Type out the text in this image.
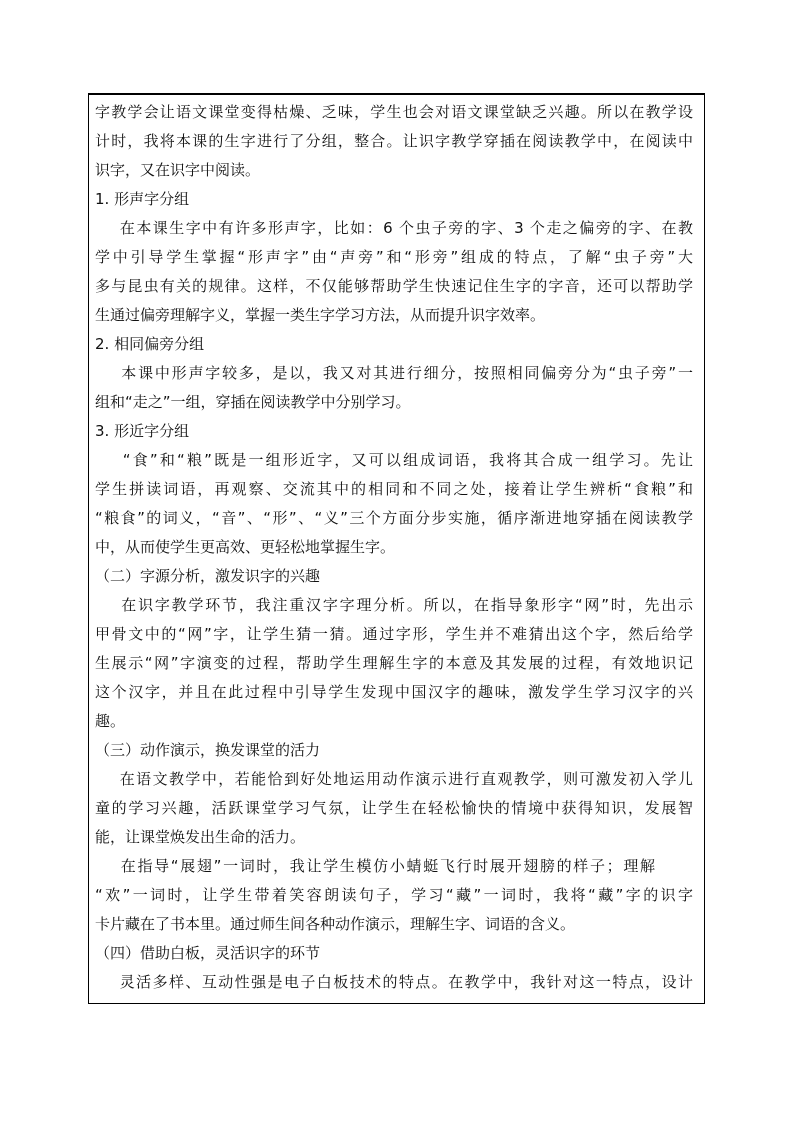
字教学会让语文课堂变得枯燥、乏味，学生也会对语文课堂缺乏兴趣。所以在教学设
计时，我将本课的生字进行了分组，整合。让识字教学穿插在阅读教学中，在阅读中
识字，又在识字中阅读。
1. 形声字分组
在本课生字中有许多形声字，比如：6 个虫子旁的字、3 个走之偏旁的字、在教
学中引导学生掌握“形声字”由“声旁”和“形旁”组成的特点，了解“虫子旁”大
多与昆虫有关的规律。这样，不仅能够帮助学生快速记住生字的字音，还可以帮助学
生通过偏旁理解字义，掌握一类生字学习方法，从而提升识字效率。
2. 相同偏旁分组
本课中形声字较多，是以，我又对其进行细分，按照相同偏旁分为“虫子旁”一
组和“走之”一组，穿插在阅读教学中分别学习。
3. 形近字分组
“食”和“粮”既是一组形近字，又可以组成词语，我将其合成一组学习。先让
学生拼读词语，再观察、交流其中的相同和不同之处，接着让学生辨析“食粮”和
“粮食”的词义，“音”、“形”、“义”三个方面分步实施，循序渐进地穿插在阅读教学
中，从而使学生更高效、更轻松地掌握生字。
（二）字源分析，激发识字的兴趣
在识字教学环节，我注重汉字字理分析。所以，在指导象形字“网”时，先出示
甲骨文中的“网”字，让学生猜一猜。通过字形，学生并不难猜出这个字，然后给学
生展示“网”字演变的过程，帮助学生理解生字的本意及其发展的过程，有效地识记
这个汉字，并且在此过程中引导学生发现中国汉字的趣味，激发学生学习汉字的兴
趣。
（三）动作演示，换发课堂的活力
在语文教学中，若能恰到好处地运用动作演示进行直观教学，则可激发初入学儿
童的学习兴趣，活跃课堂学习气氛，让学生在轻松愉快的情境中获得知识，发展智
能，让课堂焕发出生命的活力。
在指导“展翅”一词时，我让学生模仿小蜻蜓飞行时展开翅膀的样子；理解
“欢”一词时，让学生带着笑容朗读句子，学习“藏”一词时，我将“藏”字的识字
卡片藏在了书本里。通过师生间各种动作演示，理解生字、词语的含义。
（四）借助白板，灵活识字的环节
灵活多样、互动性强是电子白板技术的特点。在教学中，我针对这一特点，设计
